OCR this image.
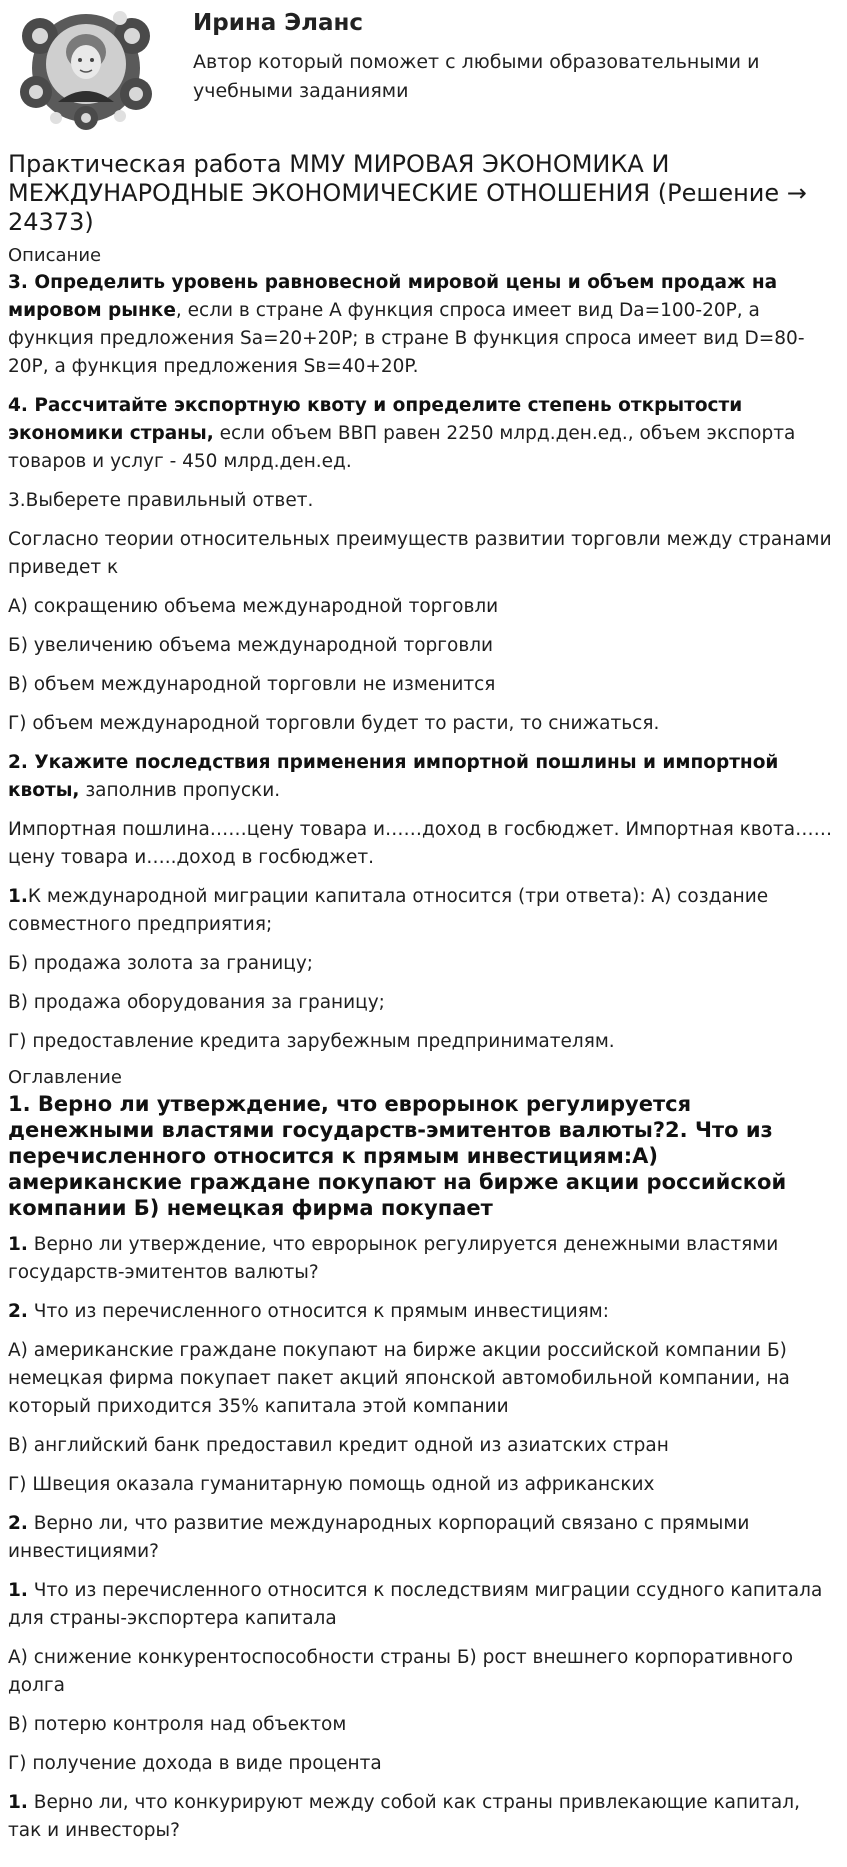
Ирина Эланс
Автор который поможет с любыми образовательными и учебными заданиями
Практическая работа ММУ МИРОВАЯ ЭКОНОМИКА И МЕЖДУНАРОДНЫЕ ЭКОНОМИЧЕСКИЕ ОТНОШЕНИЯ (Решение → 24373)
Описание
3. Определить уровень равновесной мировой цены и объем продаж на мировом рынке, если в стране А функция спроса имеет вид Da=100-20P, а функция предложения Sa=20+20P; в стране В функция спроса имеет вид D=80-20P, а функция предложения Sв=40+20P.
4. Рассчитайте экспортную квоту и определите степень открытости экономики страны, если объем ВВП равен 2250 млрд.ден.ед., объем экспорта товаров и услуг - 450 млрд.ден.ед.
3.Выберете правильный ответ.
Согласно теории относительных преимуществ развитии торговли между странами приведет к
А) сокращению объема международной торговли
Б) увеличению объема международной торговли
В) объем международной торговли не изменится
Г) объем международной торговли будет то расти, то снижаться.
2. Укажите последствия применения импортной пошлины и импортной квоты, заполнив пропуски.
Импортная пошлина……цену товара и……доход в госбюджет. Импортная квота……цену товара и…..доход в госбюджет.
1.К международной миграции капитала относится (три ответа): А) создание совместного предприятия;
Б) продажа золота за границу;
В) продажа оборудования за границу;
Г) предоставление кредита зарубежным предпринимателям.
Оглавление
1. Верно ли утверждение, что еврорынок регулируется денежными властями государств-эмитентов валюты?2. Что из перечисленного относится к прямым инвестициям:А) американские граждане покупают на бирже акции российской компании Б) немецкая фирма покупает
1. Верно ли утверждение, что еврорынок регулируется денежными властями государств-эмитентов валюты?
2. Что из перечисленного относится к прямым инвестициям:
А) американские граждане покупают на бирже акции российской компании Б) немецкая фирма покупает пакет акций японской автомобильной компании, на который приходится 35% капитала этой компании
В) английский банк предоставил кредит одной из азиатских стран
Г) Швеция оказала гуманитарную помощь одной из африканских
2. Верно ли, что развитие международных корпораций связано с прямыми инвестициями?
1. Что из перечисленного относится к последствиям миграции ссудного капитала для страны-экспортера капитала
А) снижение конкурентоспособности страны Б) рост внешнего корпоративного долга
В) потерю контроля над объектом
Г) получение дохода в виде процента
1. Верно ли, что конкурируют между собой как страны привлекающие капитал, так и инвесторы?
